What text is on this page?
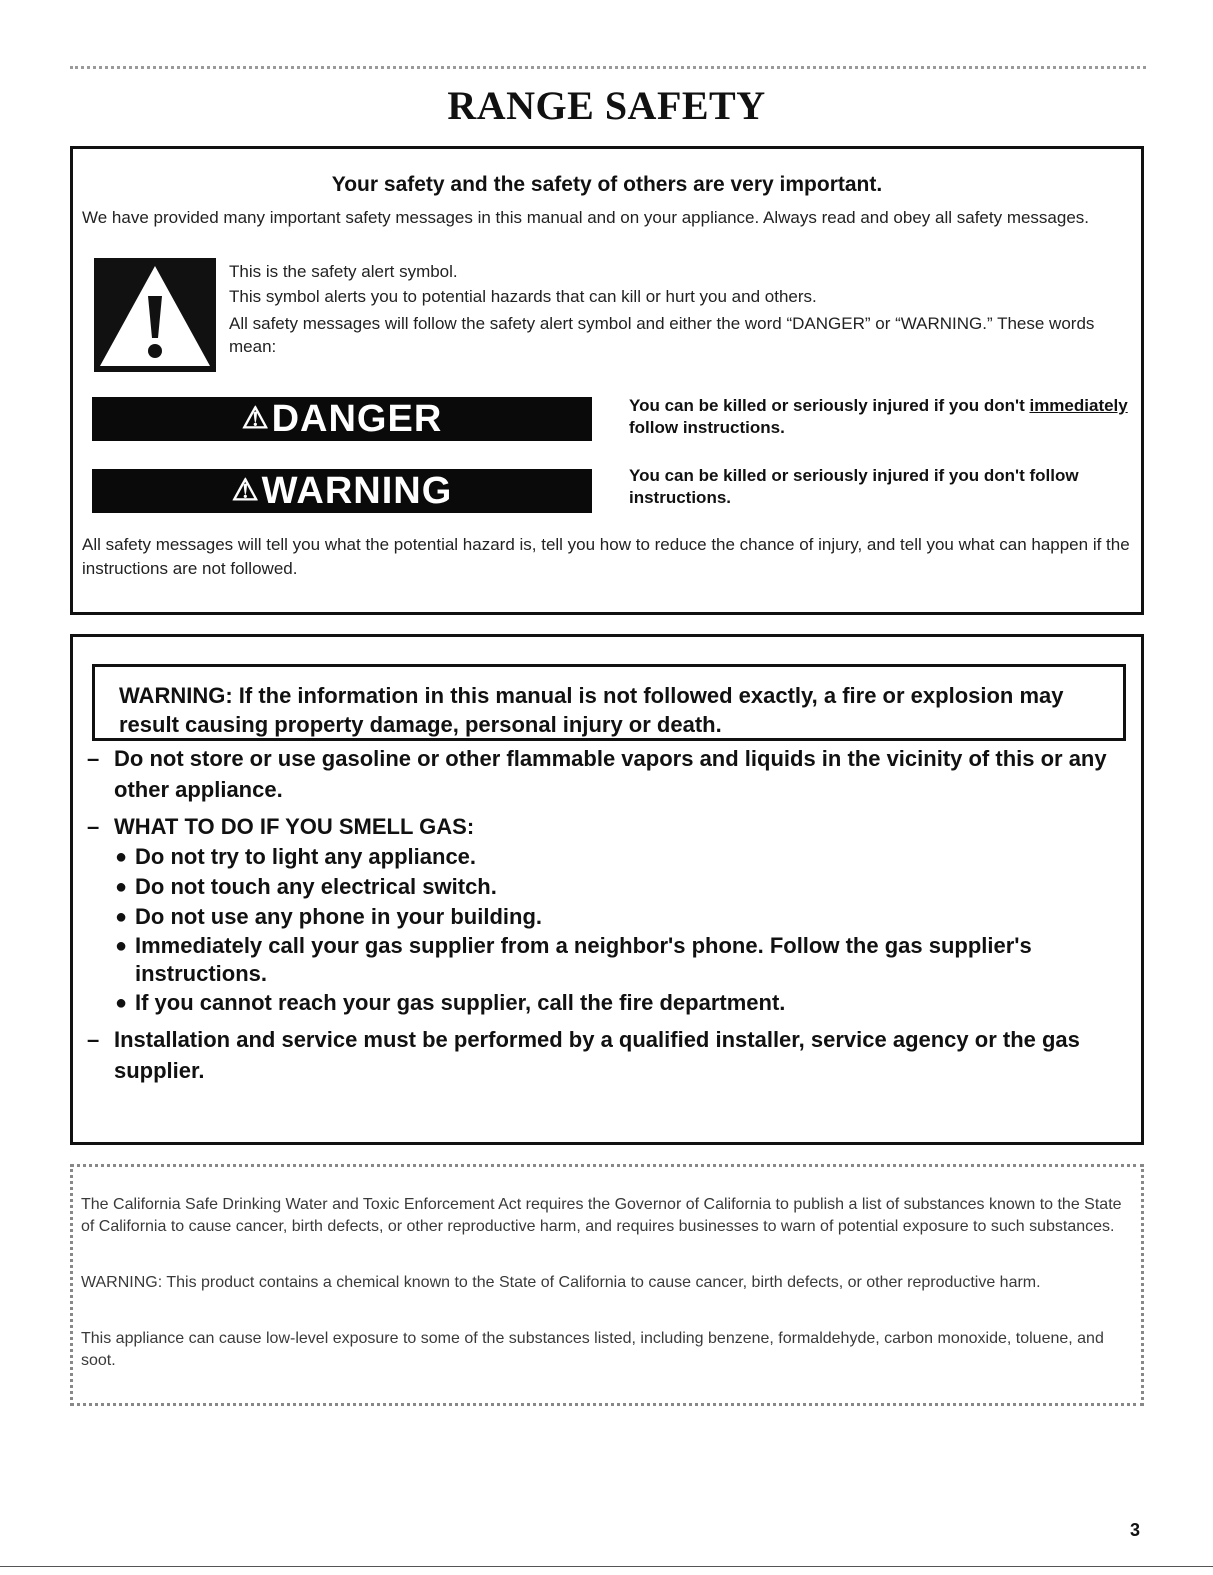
RANGE SAFETY
Your safety and the safety of others are very important.
We have provided many important safety messages in this manual and on your appliance. Always read and obey all safety messages.
This is the safety alert symbol.
This symbol alerts you to potential hazards that can kill or hurt you and others.
All safety messages will follow the safety alert symbol and either the word “DANGER” or “WARNING.” These words mean:
⚠DANGER	You can be killed or seriously injured if you don't immediately follow instructions.
⚠WARNING	You can be killed or seriously injured if you don't follow instructions.
All safety messages will tell you what the potential hazard is, tell you how to reduce the chance of injury, and tell you what can happen if the instructions are not followed.
WARNING: If the information in this manual is not followed exactly, a fire or explosion may result causing property damage, personal injury or death.
– Do not store or use gasoline or other flammable vapors and liquids in the vicinity of this or any other appliance.
– WHAT TO DO IF YOU SMELL GAS:
● Do not try to light any appliance.
● Do not touch any electrical switch.
● Do not use any phone in your building.
● Immediately call your gas supplier from a neighbor's phone. Follow the gas supplier's instructions.
● If you cannot reach your gas supplier, call the fire department.
– Installation and service must be performed by a qualified installer, service agency or the gas supplier.

The California Safe Drinking Water and Toxic Enforcement Act requires the Governor of California to publish a list of substances known to the State of California to cause cancer, birth defects, or other reproductive harm, and requires businesses to warn of potential exposure to such substances.

WARNING: This product contains a chemical known to the State of California to cause cancer, birth defects, or other reproductive harm.

This appliance can cause low-level exposure to some of the substances listed, including benzene, formaldehyde, carbon monoxide, toluene, and soot.

3
